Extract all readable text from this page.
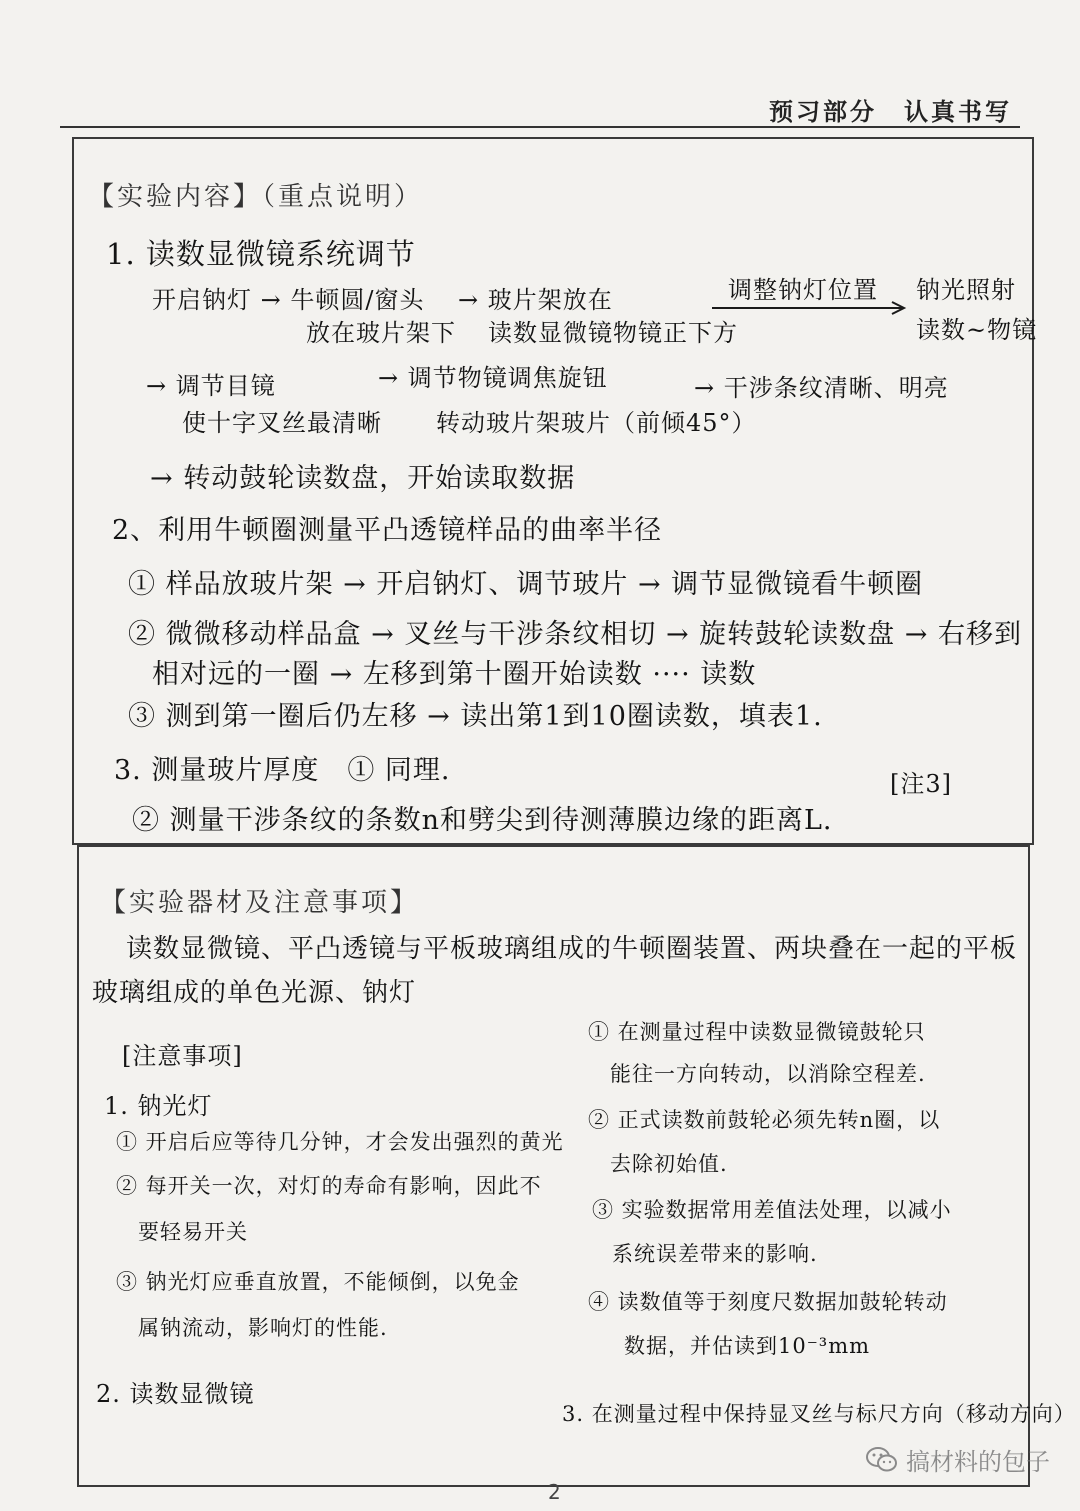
预习部分　认真书写
【实验内容】（重点说明）
1. 读数显微镜系统调节
开启钠灯 → 牛顿圆/窗头
放在玻片架下
→ 玻片架放在
读数显微镜物镜正下方
调整钠灯位置 钠光照射
读数~物镜
→ 调节目镜
使十字叉丝最清晰
→ 调节物镜调焦旋钮
转动玻片架玻片（前倾45°）
→ 干涉条纹清晰、明亮
→ 转动鼓轮读数盘，开始读取数据
2、利用牛顿圈测量平凸透镜样品的曲率半径
① 样品放玻片架 → 开启钠灯、调节玻片 → 调节显微镜看牛顿圈
② 微微移动样品盒 → 叉丝与干涉条纹相切 → 旋转鼓轮读数盘 → 右移到
相对远的一圈 → 左移到第十圈开始读数 ···· 读数
③ 测到第一圈后仍左移 → 读出第1到10圈读数，填表1.
3. 测量玻片厚度　① 同理.	[注3]
② 测量干涉条纹的条数n和劈尖到待测薄膜边缘的距离L.
【实验器材及注意事项】
读数显微镜、平凸透镜与平板玻璃组成的牛顿圈装置、两块叠在一起的平板
玻璃组成的单色光源、钠灯
[注意事项]
1. 钠光灯
① 开启后应等待几分钟，才会发出强烈的黄光
② 每开关一次，对灯的寿命有影响，因此不
要轻易开关
③ 钠光灯应垂直放置，不能倾倒，以免金
属钠流动，影响灯的性能.
2. 读数显微镜
① 在测量过程中读数显微镜鼓轮只
能往一方向转动，以消除空程差.
② 正式读数前鼓轮必须先转n圈，以
去除初始值.
③ 实验数据常用差值法处理，以减小
系统误差带来的影响.
④ 读数值等于刻度尺数据加鼓轮转动
数据，并估读到10⁻³mm
3. 在测量过程中保持显叉丝与标尺方向（移动方向）
2
搞材料的包子
